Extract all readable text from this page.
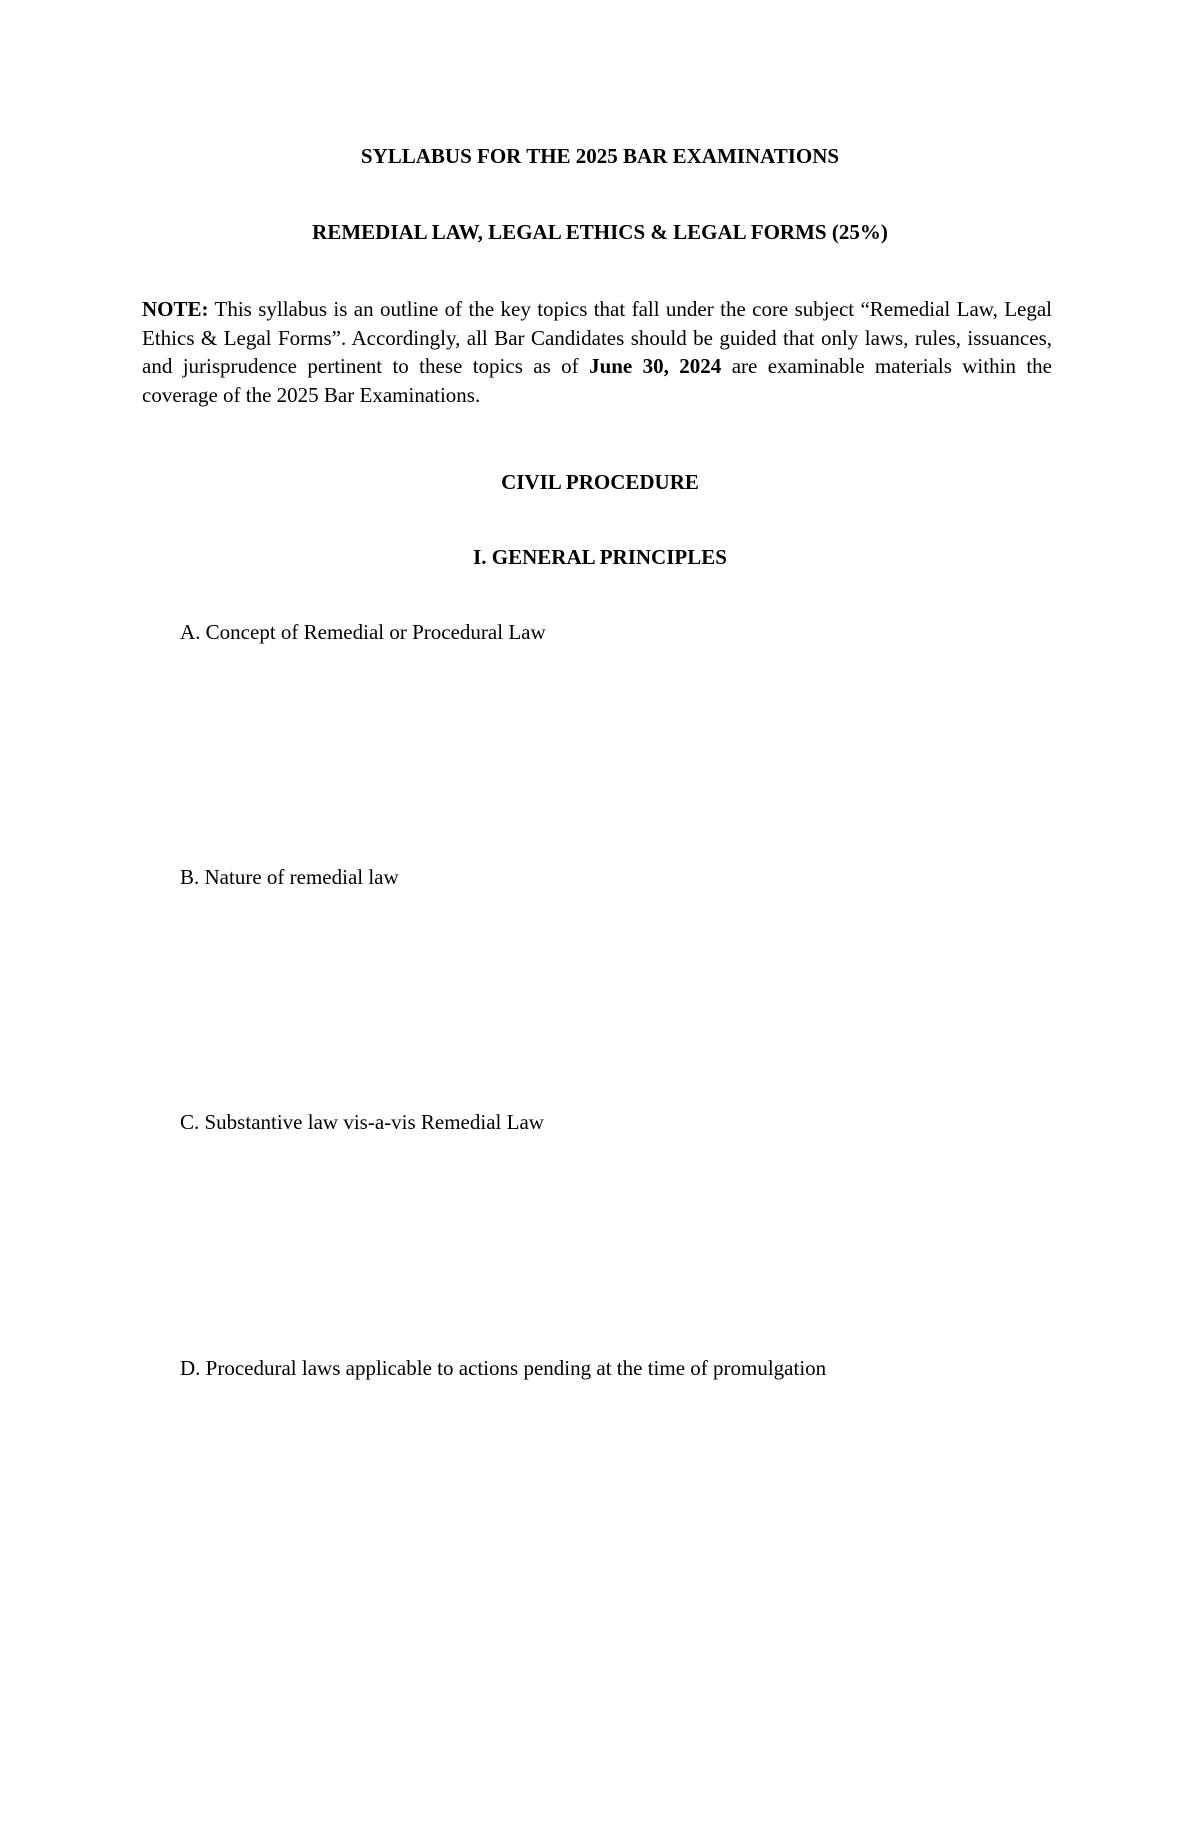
SYLLABUS FOR THE 2025 BAR EXAMINATIONS
REMEDIAL LAW, LEGAL ETHICS & LEGAL FORMS (25%)

NOTE: This syllabus is an outline of the key topics that fall under the core subject “Remedial Law, Legal Ethics & Legal Forms”. Accordingly, all Bar Candidates should be guided that only laws, rules, issuances, and jurisprudence pertinent to these topics as of June 30, 2024 are examinable materials within the coverage of the 2025 Bar Examinations.

CIVIL PROCEDURE
I. GENERAL PRINCIPLES
A. Concept of Remedial or Procedural Law
B. Nature of remedial law
C. Substantive law vis-a-vis Remedial Law
D. Procedural laws applicable to actions pending at the time of promulgation
